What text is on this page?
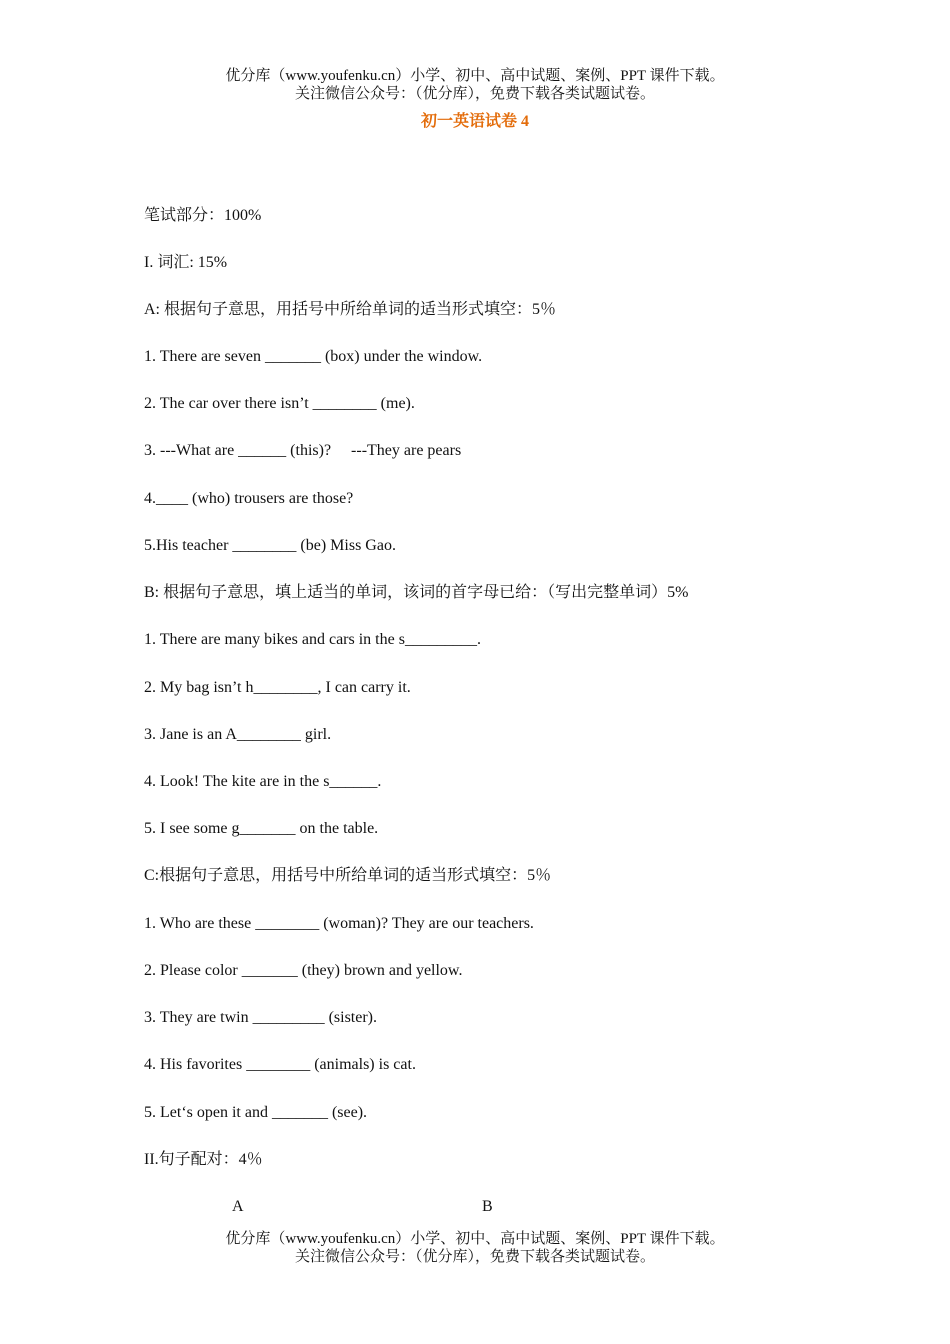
优分库（www.youfenku.cn）小学、初中、高中试题、案例、PPT 课件下载。
关注微信公众号：（优分库），免费下载各类试题试卷。
初一英语试卷 4
笔试部分：100%
I. 词汇: 15%
A: 根据句子意思，用括号中所给单词的适当形式填空：5％
1. There are seven _______ (box) under the window.
2. The car over there isn’t ________ (me).
3. ---What are ______ (this)?     ---They are pears
4.____ (who) trousers are those?
5.His teacher ________ (be) Miss Gao.
B: 根据句子意思，填上适当的单词，该词的首字母已给：（写出完整单词）5%
1. There are many bikes and cars in the s_________.
2. My bag isn’t h________, I can carry it.
3. Jane is an A________ girl.
4. Look! The kite are in the s______.
5. I see some g_______ on the table.
C:根据句子意思，用括号中所给单词的适当形式填空：5％
1. Who are these ________ (woman)? They are our teachers.
2. Please color _______ (they) brown and yellow.
3. They are twin _________ (sister).
4. His favorites ________ (animals) is cat.
5. Let‘s open it and _______ (see).
II.句子配对：4％
A	B
优分库（www.youfenku.cn）小学、初中、高中试题、案例、PPT 课件下载。
关注微信公众号：（优分库），免费下载各类试题试卷。
